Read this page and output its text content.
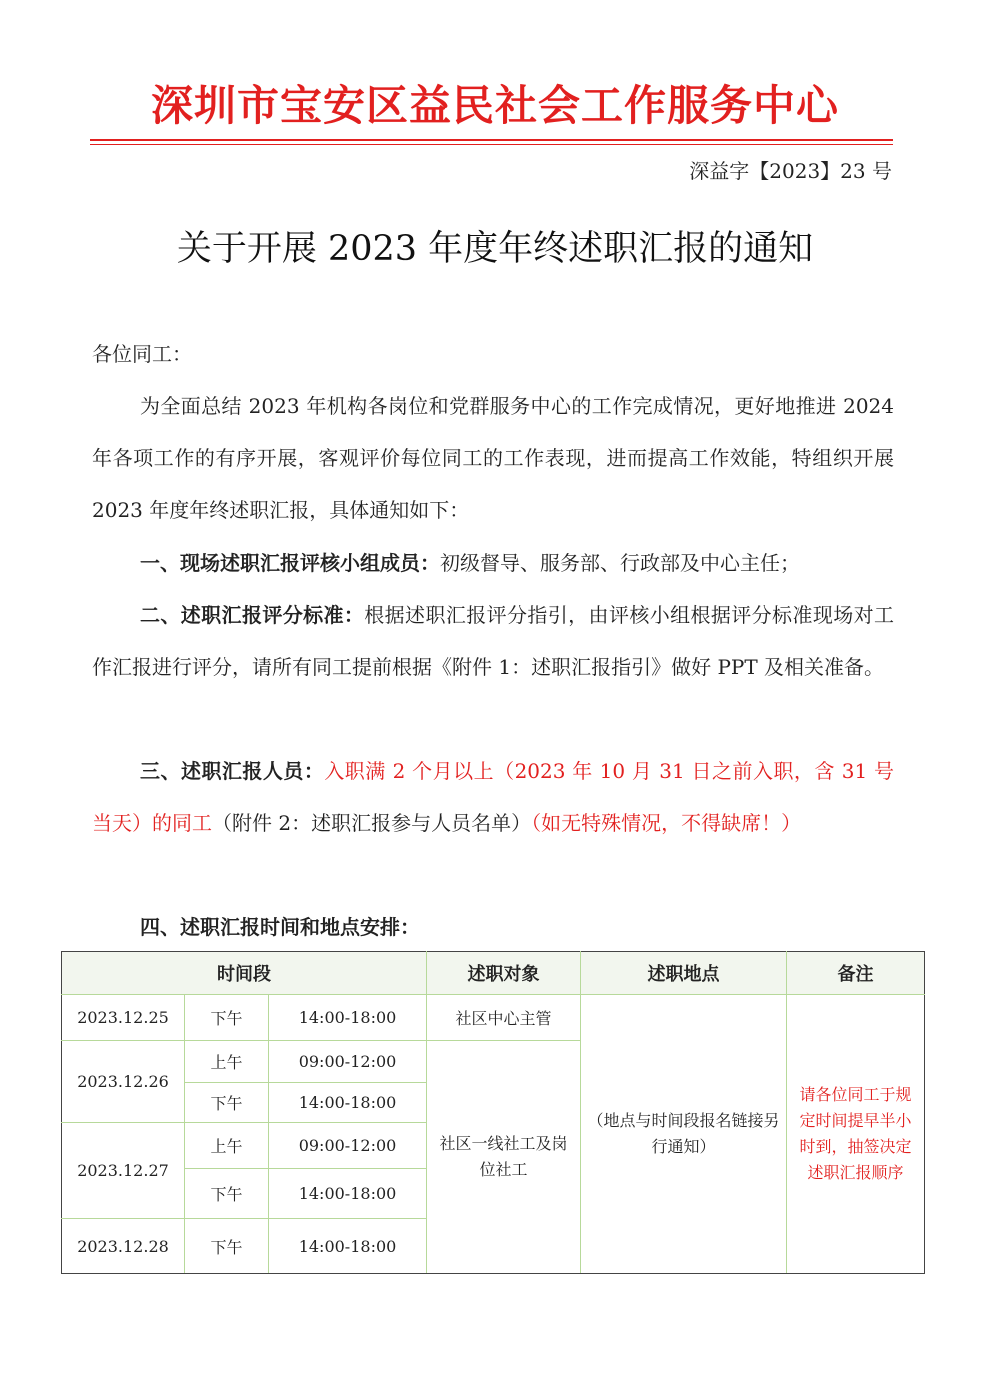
深圳市宝安区益民社会工作服务中心
深益字【2023】23 号
关于开展 2023 年度年终述职汇报的通知
各位同工：
为全面总结 2023 年机构各岗位和党群服务中心的工作完成情况，更好地推进 2024 年各项工作的有序开展，客观评价每位同工的工作表现，进而提高工作效能，特组织开展 2023 年度年终述职汇报，具体通知如下：
一、现场述职汇报评核小组成员：初级督导、服务部、行政部及中心主任；
二、述职汇报评分标准：根据述职汇报评分指引，由评核小组根据评分标准现场对工作汇报进行评分，请所有同工提前根据《附件 1：述职汇报指引》做好 PPT 及相关准备。
三、述职汇报人员：入职满 2 个月以上（2023 年 10 月 31 日之前入职，含 31 号当天）的同工（附件 2：述职汇报参与人员名单）（如无特殊情况，不得缺席！）
四、述职汇报时间和地点安排：
时间段			述职对象	述职地点	备注
2023.12.25	下午	14:00-18:00	社区中心主管	（地点与时间段报名链接另行通知）	请各位同工于规定时间提早半小时到，抽签决定述职汇报顺序
2023.12.26	上午	09:00-12:00	社区一线社工及岗位社工		
	下午	14:00-18:00			
2023.12.27	上午	09:00-12:00			
	下午	14:00-18:00			
2023.12.28	下午	14:00-18:00			
